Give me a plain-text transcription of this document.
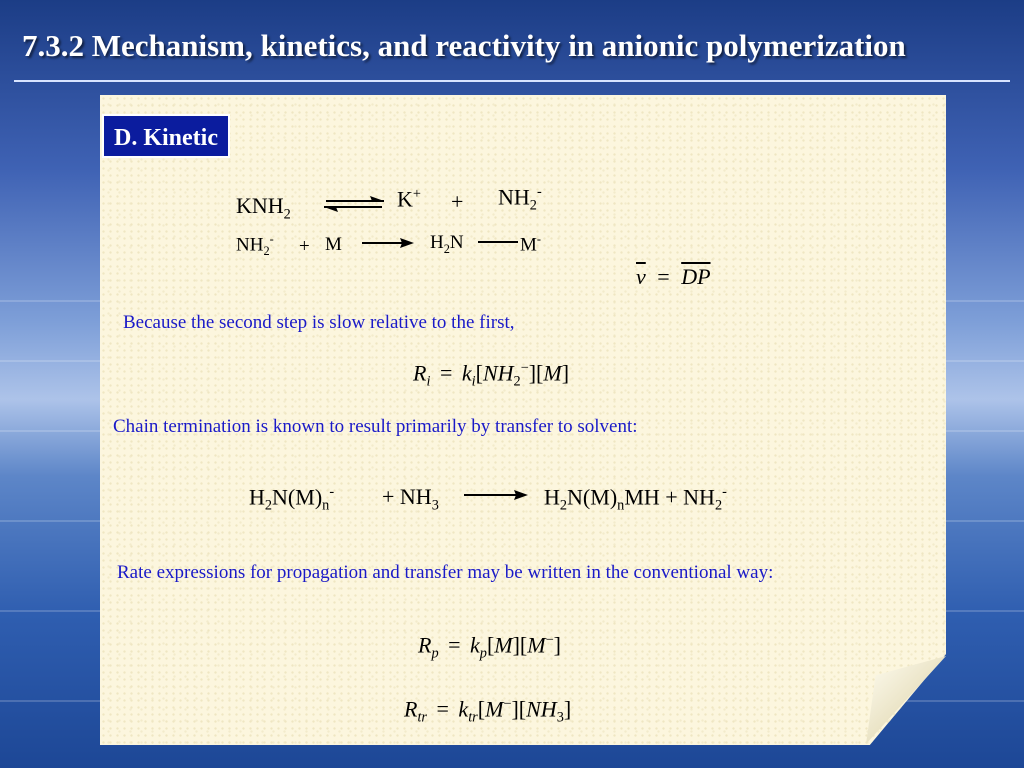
7.3.2 Mechanism, kinetics, and reactivity in anionic polymerization
D. Kinetic
$KNH_2$
⇌ $K^+ + NH_2^-$
$NH_2^- + M$	$H_2N$	M-
$\overline{v} = \overline{DP}$
Because the second step is slow relative to the first,
$R_i = k_i[NH_2^-][M]$
Chain termination is known to result primarily by transfer to solvent:
$H_2N(M)_n^- + NH_3$	$H_2N(M)_nMH + NH_2^-$
Rate expressions for propagation and transfer may be written in the conventional way:
$R_p = k_p[M][M^-]$
$R_{tr} = k_{tr}[M^-][NH_3]$
